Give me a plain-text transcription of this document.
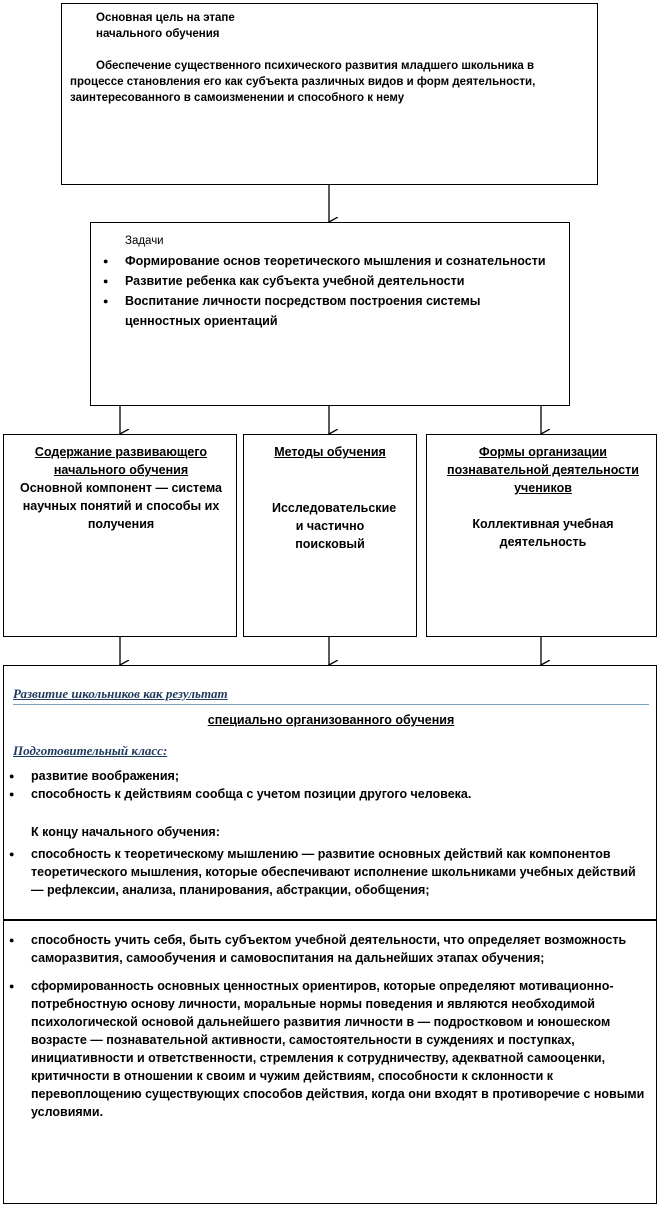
Основная цель на этапе
начального обучения
Обеспечение существенного психического развития младшего школьника в процессе становления его как субъекта различных видов и форм деятельности, заинтересованного в самоизменении и способного к нему
Задачи
● Формирование основ теоретического мышления и сознательности
● Развитие ребенка как субъекта учебной деятельности
● Воспитание личности посредством построения системы ценностных ориентаций
Содержание развивающего начального обучения
Основной компонент — система научных понятий и способы их получения
Методы обучения
Исследовательские и частично поисковый
Формы организации познавательной деятельности учеников
Коллективная учебная деятельность
Развитие школьников как результат
специально организованного обучения
Подготовительный класс:
● развитие воображения;
● способность к действиям сообща с учетом позиции другого человека.
К концу начального обучения:
● способность к теоретическому мышлению — развитие основных действий как компонентов теоретического мышления, которые обеспечивают исполнение школьниками учебных действий — рефлексии, анализа, планирования, абстракции, обобщения;
● способность учить себя, быть субъектом учебной деятельности, что определяет возможность саморазвития, самообучения и самовоспитания на дальнейших этапах обучения;
● сформированность основных ценностных ориентиров, которые определяют мотивационно-потребностную основу личности, моральные нормы поведения и являются необходимой психологической основой дальнейшего развития личности в — подростковом и юношеском возрасте — познавательной активности, самостоятельности в суждениях и поступках, инициативности и ответственности, стремления к сотрудничеству, адекватной самооценки, критичности в отношении к своим и чужим действиям, способности к склонности к перевоплощению существующих способов действия, когда они входят в противоречие с новыми условиями.
